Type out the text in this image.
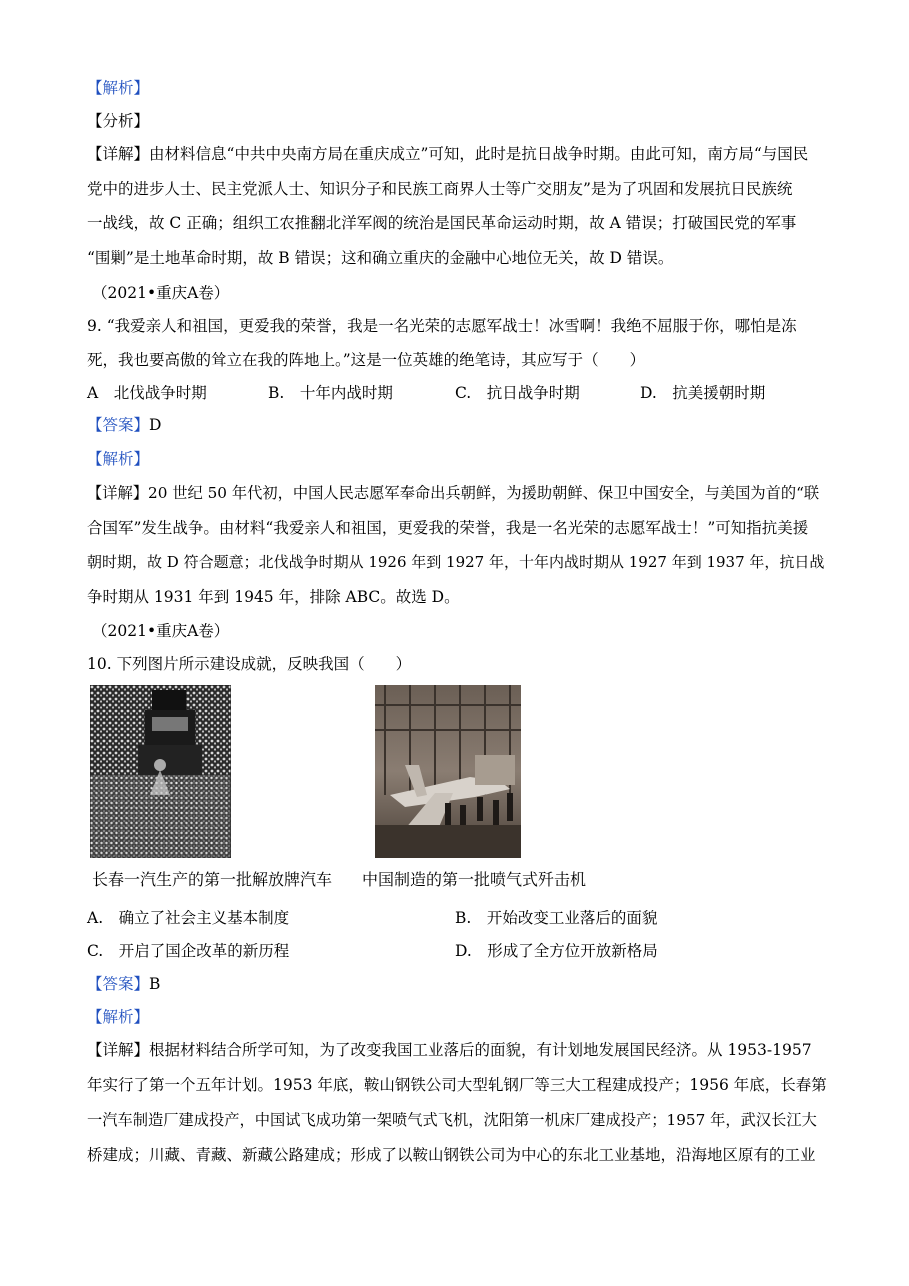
【解析】
【分析】
【详解】由材料信息“中共中央南方局在重庆成立”可知，此时是抗日战争时期。由此可知，南方局“与国民
党中的进步人士、民主党派人士、知识分子和民族工商界人士等广交朋友”是为了巩固和发展抗日民族统
一战线，故 C 正确；组织工农推翻北洋军阀的统治是国民革命运动时期，故 A 错误；打破国民党的军事
“围剿”是土地革命时期，故 B 错误；这和确立重庆的金融中心地位无关，故 D 错误。
（2021•重庆A卷）
9. “我爱亲人和祖国，更爱我的荣誉，我是一名光荣的志愿军战士！冰雪啊！我绝不屈服于你，哪怕是冻
死，我也要高傲的耸立在我的阵地上。”这是一位英雄的绝笔诗，其应写于（　　）
A　北伐战争时期	B.　十年内战时期	C.　抗日战争时期	D.　抗美援朝时期
【答案】D
【解析】
【详解】20 世纪 50 年代初，中国人民志愿军奉命出兵朝鲜，为援助朝鲜、保卫中国安全，与美国为首的“联
合国军”发生战争。由材料“我爱亲人和祖国，更爱我的荣誉，我是一名光荣的志愿军战士！”可知指抗美援
朝时期，故 D 符合题意；北伐战争时期从 1926 年到 1927 年，十年内战时期从 1927 年到 1937 年，抗日战
争时期从 1931 年到 1945 年，排除 ABC。故选 D。
（2021•重庆A卷）
10. 下列图片所示建设成就，反映我国（　　）
长春一汽生产的第一批解放牌汽车 中国制造的第一批喷气式歼击机
A.　确立了社会主义基本制度	B.　开始改变工业落后的面貌
C.　开启了国企改革的新历程	D.　形成了全方位开放新格局
【答案】B
【解析】
【详解】根据材料结合所学可知，为了改变我国工业落后的面貌，有计划地发展国民经济。从 1953-1957
年实行了第一个五年计划。1953 年底，鞍山钢铁公司大型轧钢厂等三大工程建成投产；1956 年底，长春第
一汽车制造厂建成投产，中国试飞成功第一架喷气式飞机，沈阳第一机床厂建成投产；1957 年，武汉长江大
桥建成；川藏、青藏、新藏公路建成；形成了以鞍山钢铁公司为中心的东北工业基地，沿海地区原有的工业
